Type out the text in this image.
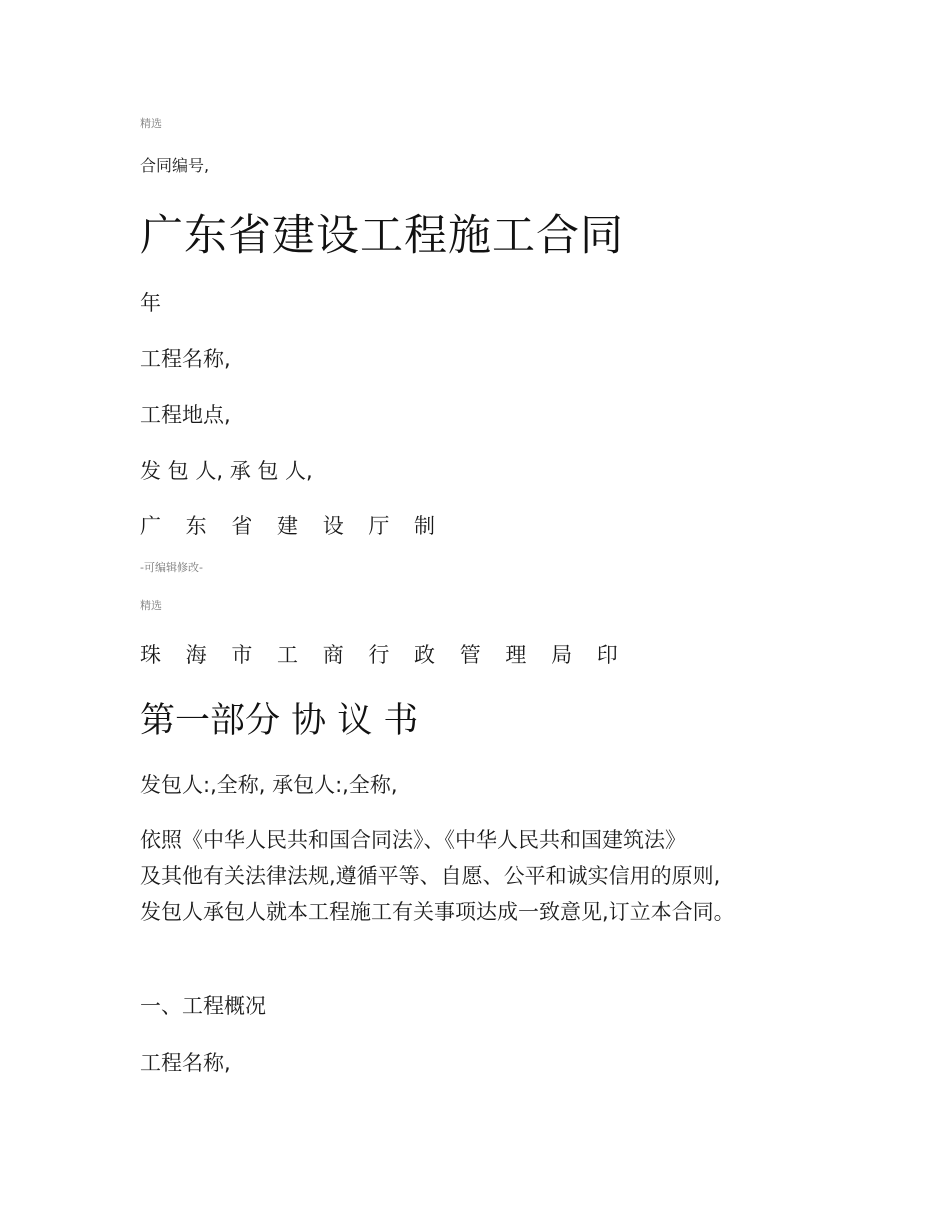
精选
合同编号,
广东省建设工程施工合同
年
工程名称,
工程地点,
发 包 人, 承 包 人,
广 东 省 建 设 厅 制
-可编辑修改-
精选
珠 海 市 工 商 行 政 管 理 局 印
第一部分 协 议 书
发包人:,全称, 承包人:,全称,
依照《中华人民共和国合同法》、《中华人民共和国建筑法》
及其他有关法律法规,遵循平等、自愿、公平和诚实信用的原则,
发包人承包人就本工程施工有关事项达成一致意见,订立本合同。
一、工程概况
工程名称,
